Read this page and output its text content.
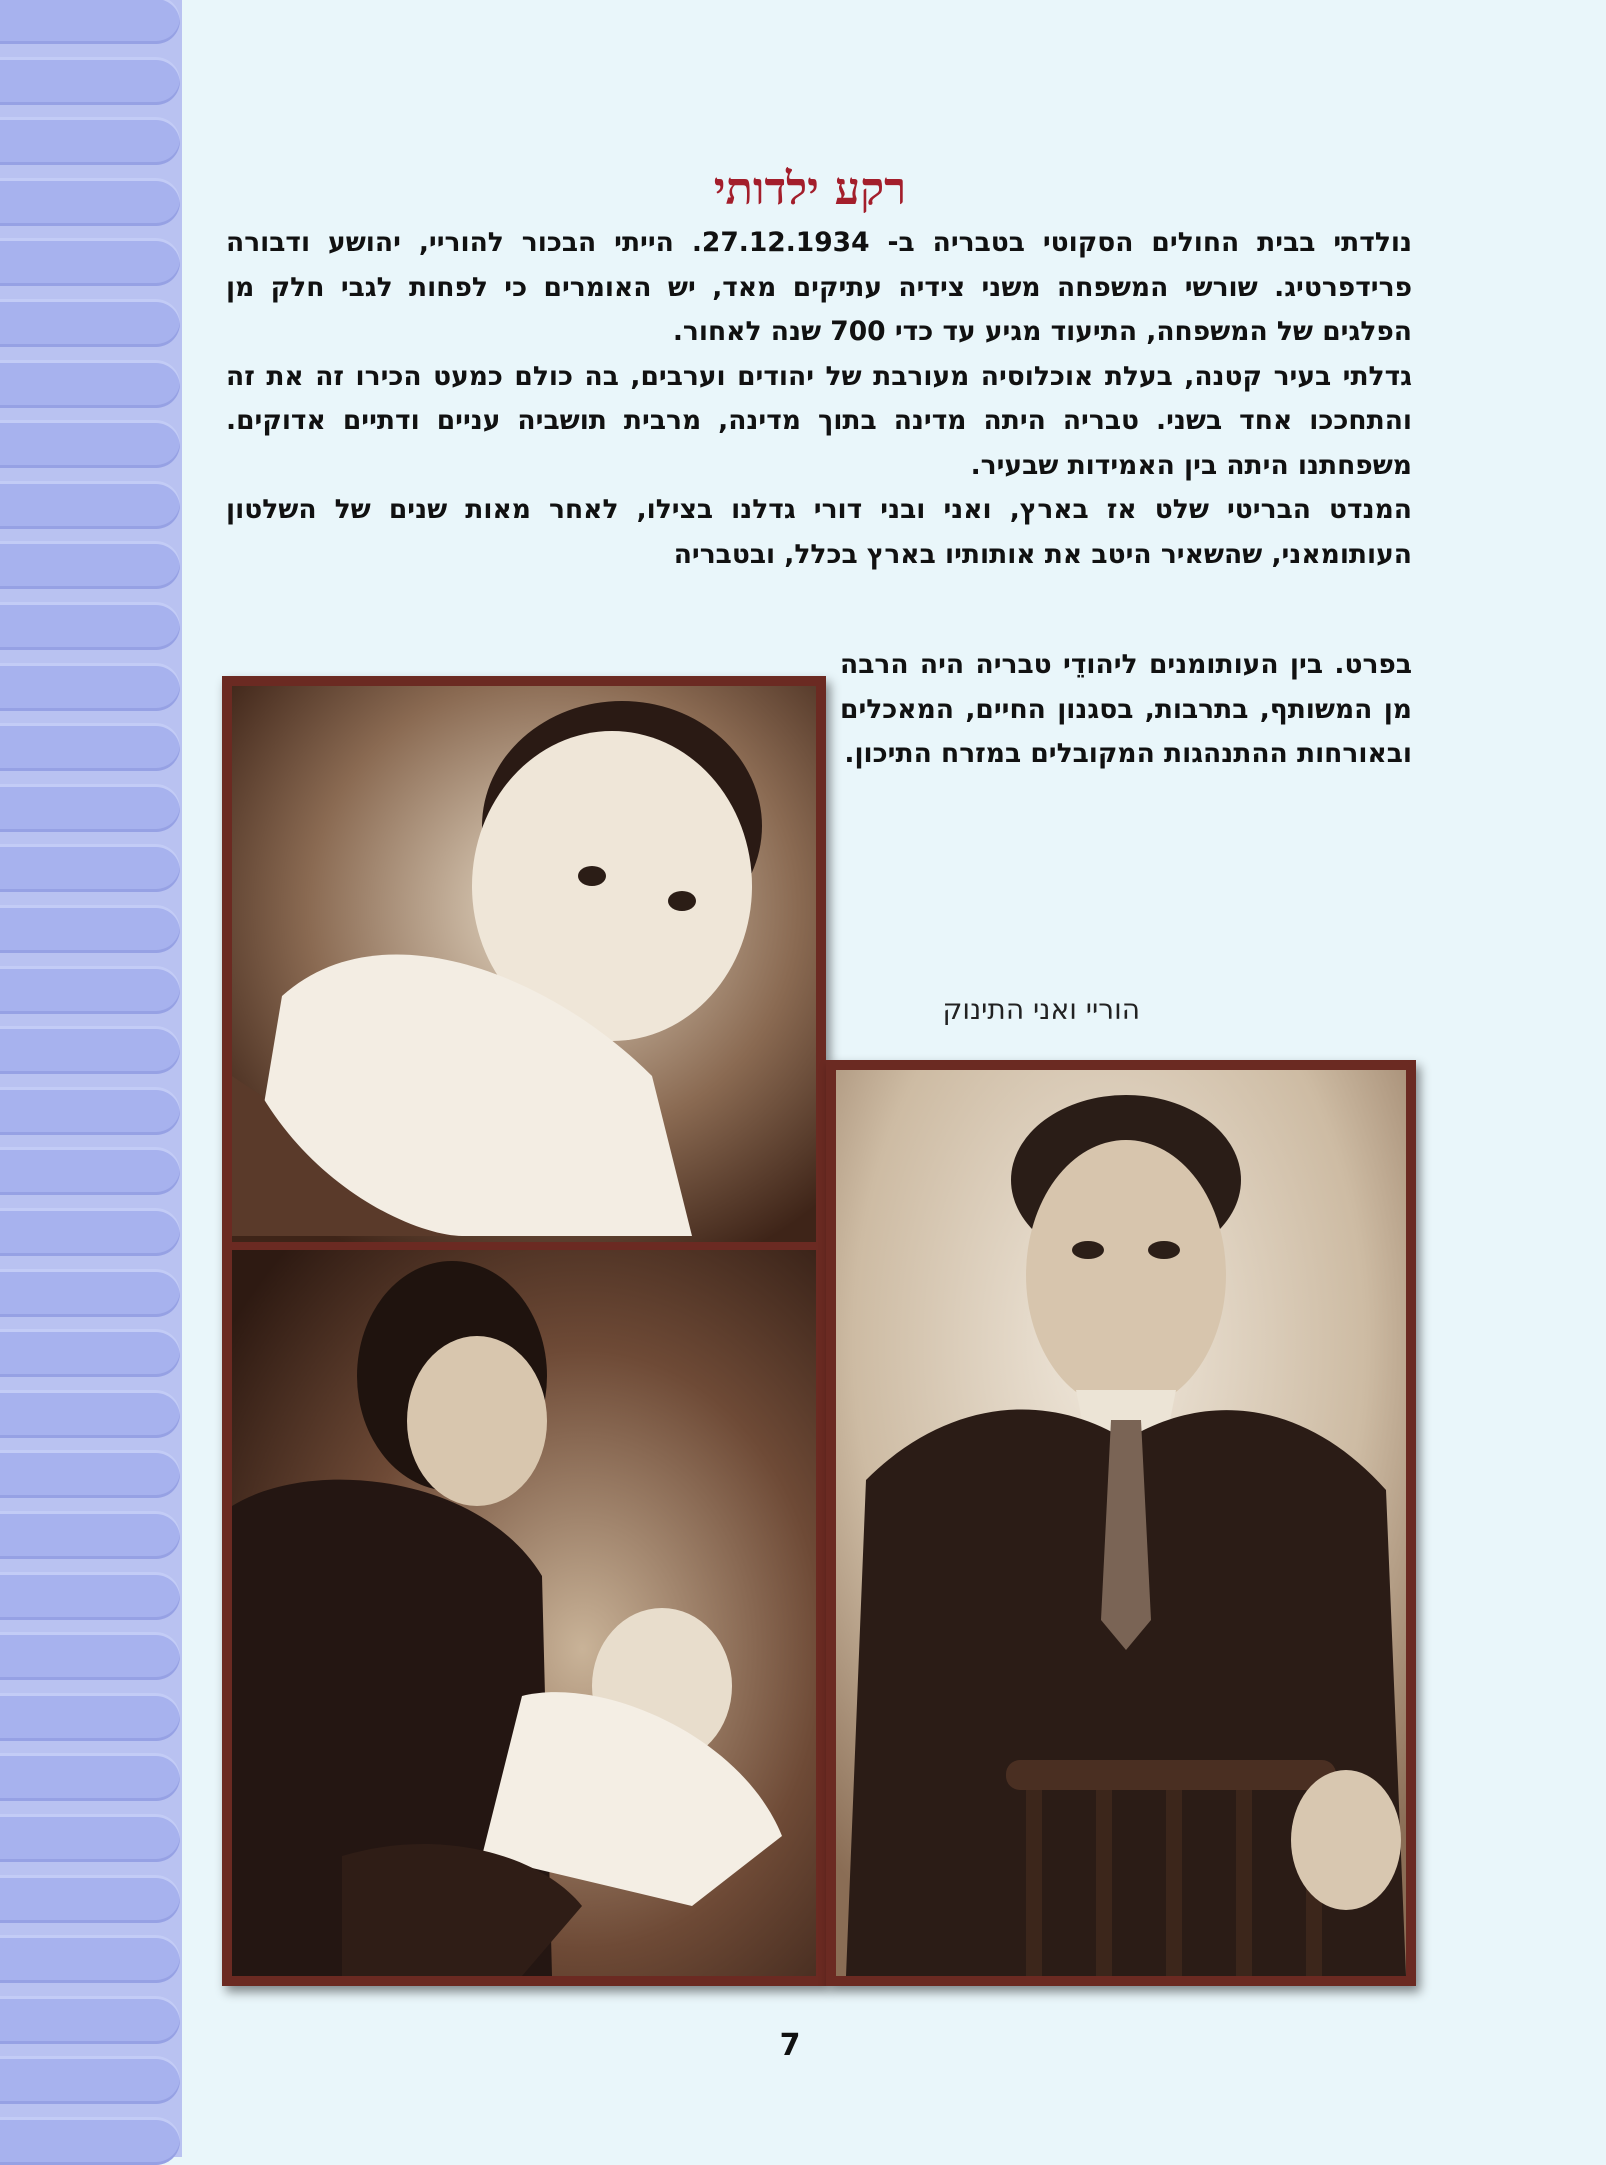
רקע ילדותי

נולדתי בבית החולים הסקוטי בטבריה ב- 27.12.1934. הייתי הבכור להוריי, יהושע ודבורה פרידפרטיג. שורשי המשפחה משני צידיה עתיקים מאד, יש האומרים כי לפחות לגבי חלק מן הפלגים של המשפחה, התיעוד מגיע עד כדי 700 שנה לאחור.

גדלתי בעיר קטנה, בעלת אוכלוסיה מעורבת של יהודים וערבים, בה כולם כמעט הכירו זה את זה והתחככו אחד בשני. טבריה היתה מדינה בתוך מדינה, מרבית תושביה עניים ודתיים אדוקים. משפחתנו היתה בין האמידות שבעיר.

המנדט הבריטי שלט אז בארץ, ואני ובני דורי גדלנו בצילו, לאחר מאות שנים של השלטון העותומאני, שהשאיר היטב את אותותיו בארץ בכלל, ובטבריה

בפרט. בין העותומנים ליהודֵי טבריה היה הרבה מן המשותף, בתרבות, בסגנון החיים, המאכלים ובאורחות ההתנהגות המקובלים במזרח התיכון.

הוריי ואני התינוק
7
